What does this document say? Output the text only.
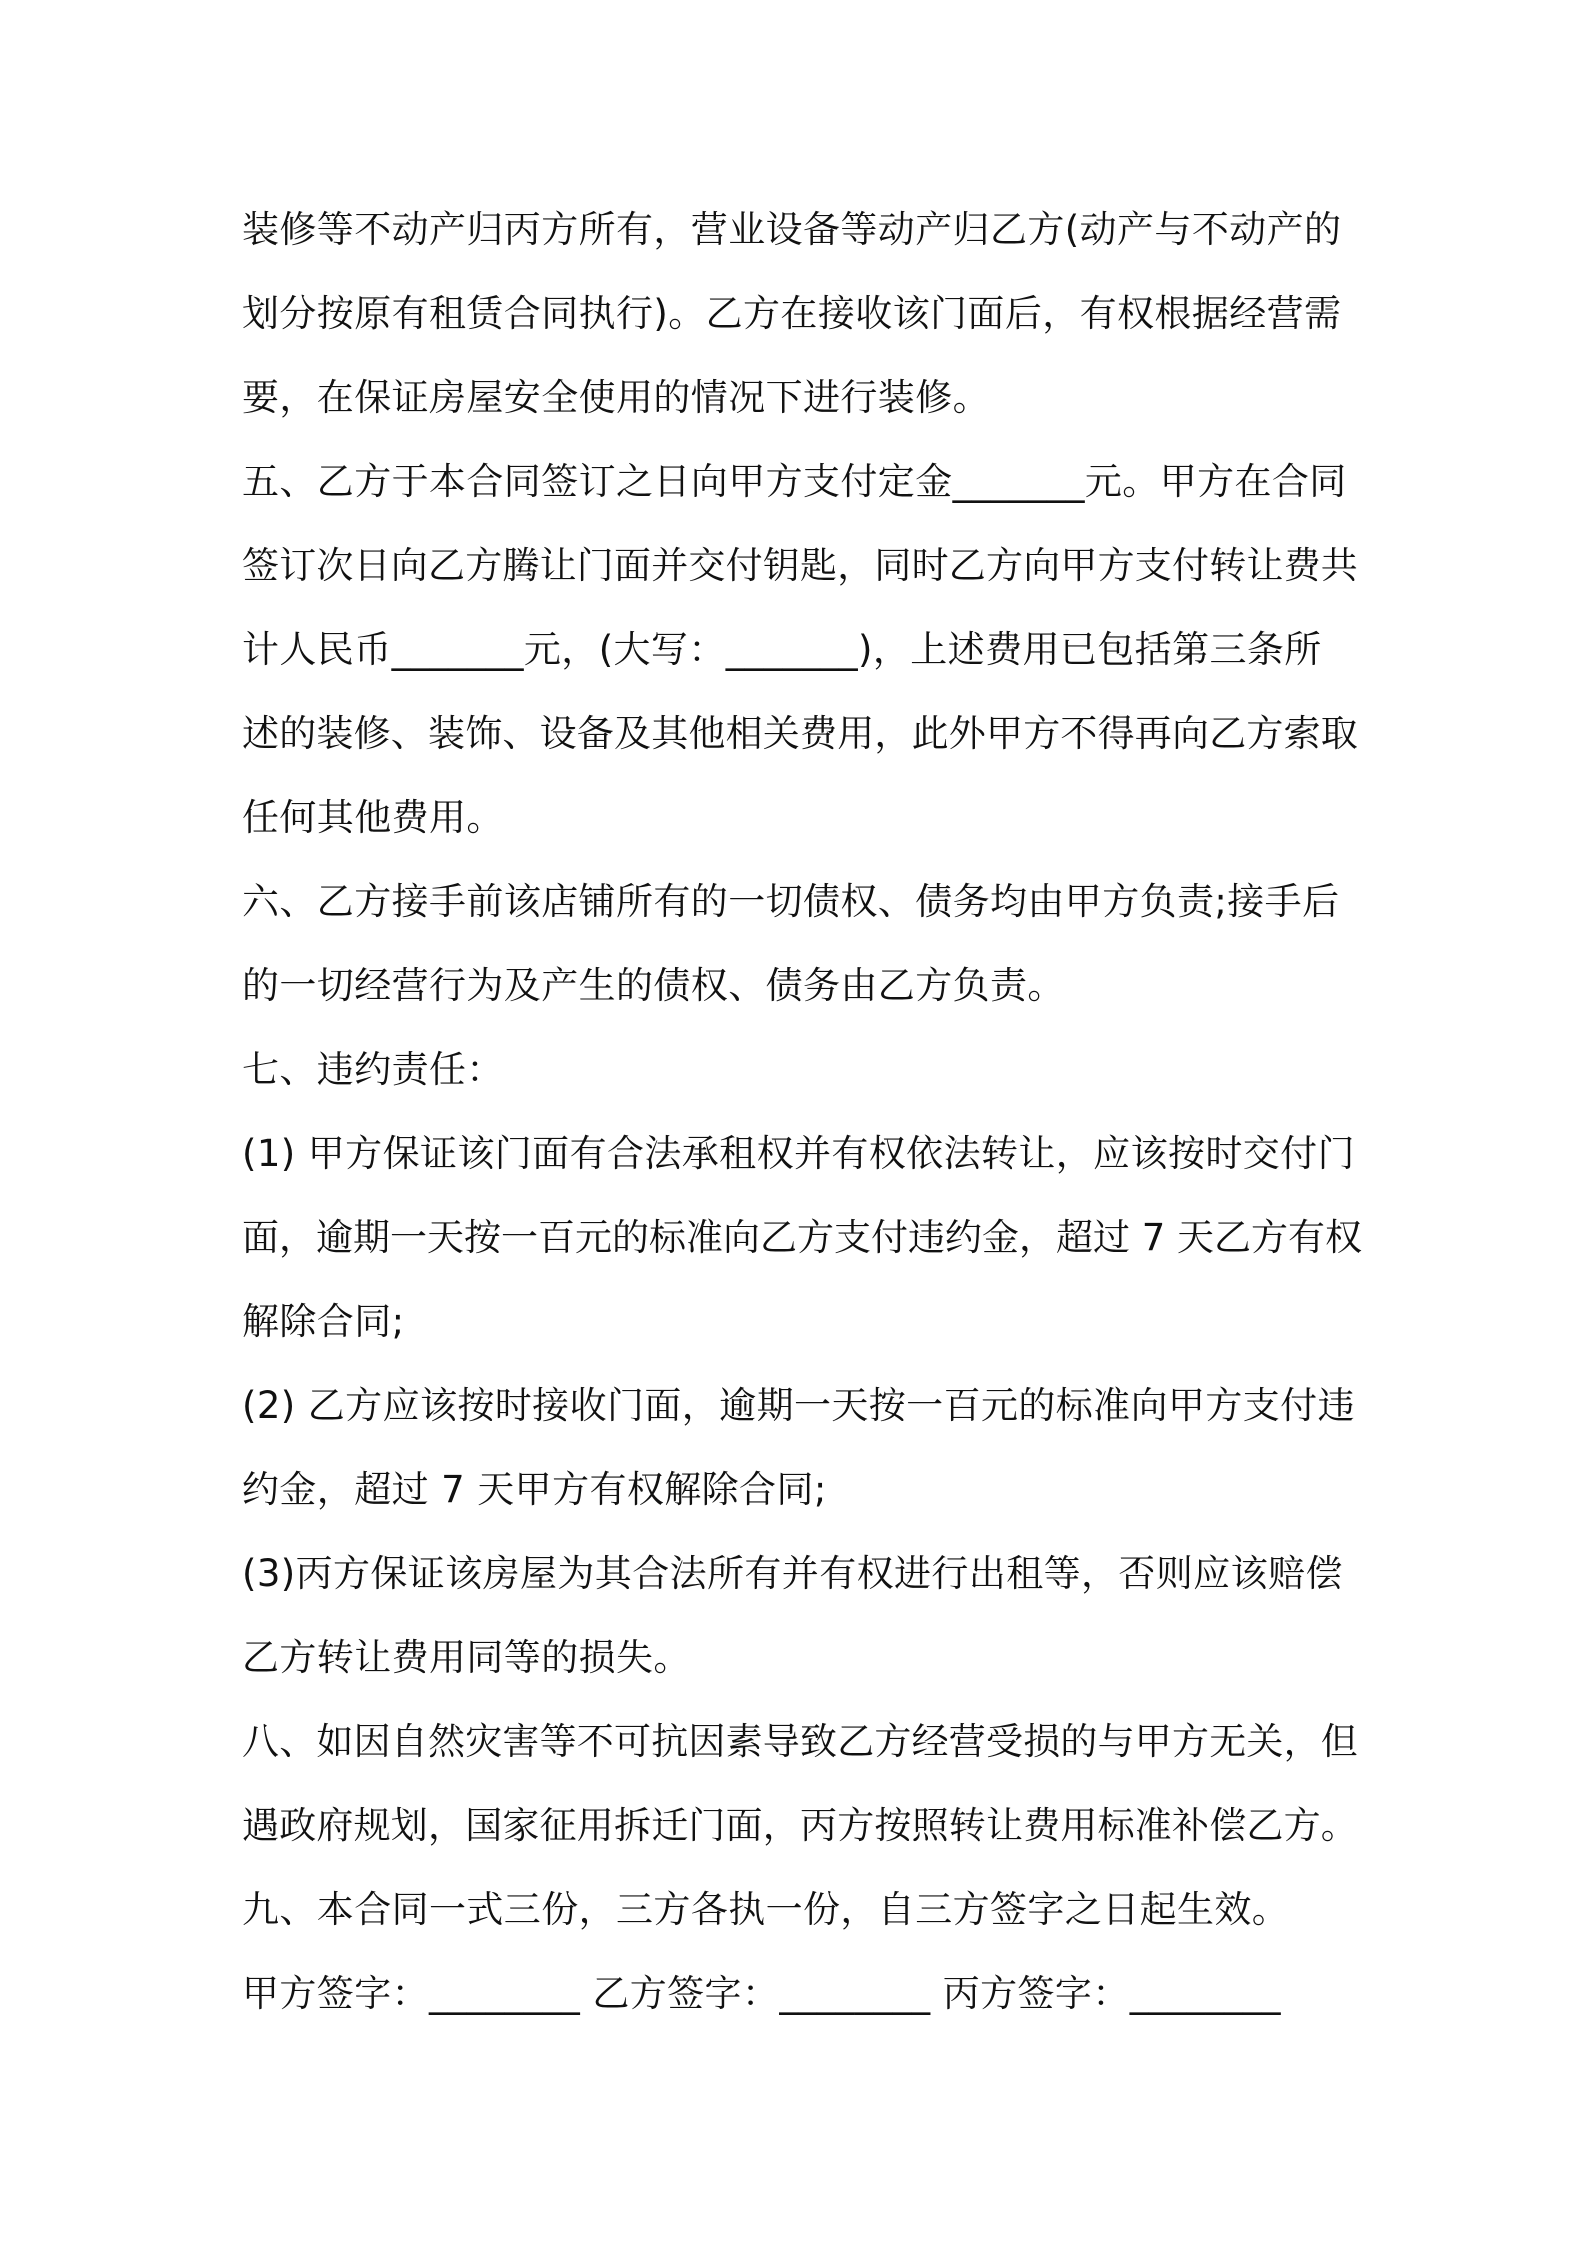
装修等不动产归丙方所有，营业设备等动产归乙方(动产与不动产的
划分按原有租赁合同执行)。乙方在接收该门面后，有权根据经营需
要，在保证房屋安全使用的情况下进行装修。
五、乙方于本合同签订之日向甲方支付定金_______元。甲方在合同
签订次日向乙方腾让门面并交付钥匙，同时乙方向甲方支付转让费共
计人民币_______元，(大写：_______)，上述费用已包括第三条所
述的装修、装饰、设备及其他相关费用，此外甲方不得再向乙方索取
任何其他费用。
六、乙方接手前该店铺所有的一切债权、债务均由甲方负责;接手后
的一切经营行为及产生的债权、债务由乙方负责。
七、违约责任：
(1) 甲方保证该门面有合法承租权并有权依法转让，应该按时交付门
面，逾期一天按一百元的标准向乙方支付违约金，超过 7 天乙方有权
解除合同;
(2) 乙方应该按时接收门面，逾期一天按一百元的标准向甲方支付违
约金，超过 7 天甲方有权解除合同;
(3)丙方保证该房屋为其合法所有并有权进行出租等，否则应该赔偿
乙方转让费用同等的损失。
八、如因自然灾害等不可抗因素导致乙方经营受损的与甲方无关，但
遇政府规划，国家征用拆迁门面，丙方按照转让费用标准补偿乙方。
九、本合同一式三份，三方各执一份，自三方签字之日起生效。
甲方签字：________ 乙方签字：________ 丙方签字：________
